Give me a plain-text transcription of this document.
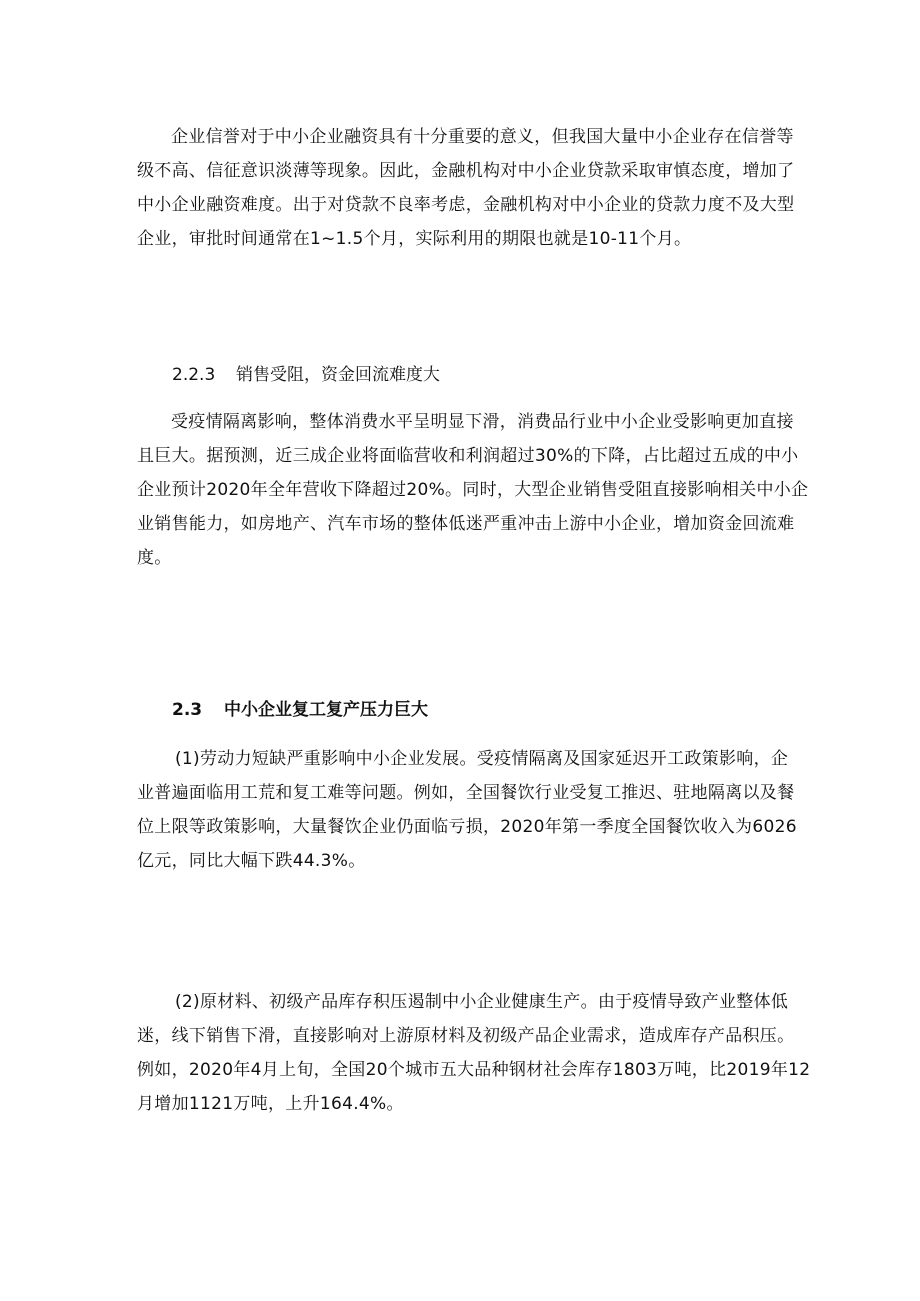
企业信誉对于中小企业融资具有十分重要的意义，但我国大量中小企业存在信誉等
级不高、信征意识淡薄等现象。因此，金融机构对中小企业贷款采取审慎态度，增加了
中小企业融资难度。出于对贷款不良率考虑，金融机构对中小企业的贷款力度不及大型
企业，审批时间通常在1~1.5个月，实际利用的期限也就是10-11个月。
2.2.3 销售受阻，资金回流难度大
受疫情隔离影响，整体消费水平呈明显下滑，消费品行业中小企业受影响更加直接
且巨大。据预测，近三成企业将面临营收和利润超过30%的下降，占比超过五成的中小
企业预计2020年全年营收下降超过20%。同时，大型企业销售受阻直接影响相关中小企
业销售能力，如房地产、汽车市场的整体低迷严重冲击上游中小企业，增加资金回流难
度。
2.3 中小企业复工复产压力巨大
(1)劳动力短缺严重影响中小企业发展。受疫情隔离及国家延迟开工政策影响，企
业普遍面临用工荒和复工难等问题。例如，全国餐饮行业受复工推迟、驻地隔离以及餐
位上限等政策影响，大量餐饮企业仍面临亏损，2020年第一季度全国餐饮收入为6026
亿元，同比大幅下跌44.3%。
(2)原材料、初级产品库存积压遏制中小企业健康生产。由于疫情导致产业整体低
迷，线下销售下滑，直接影响对上游原材料及初级产品企业需求，造成库存产品积压。
例如，2020年4月上旬，全国20个城市五大品种钢材社会库存1803万吨，比2019年12
月增加1121万吨，上升164.4%。
